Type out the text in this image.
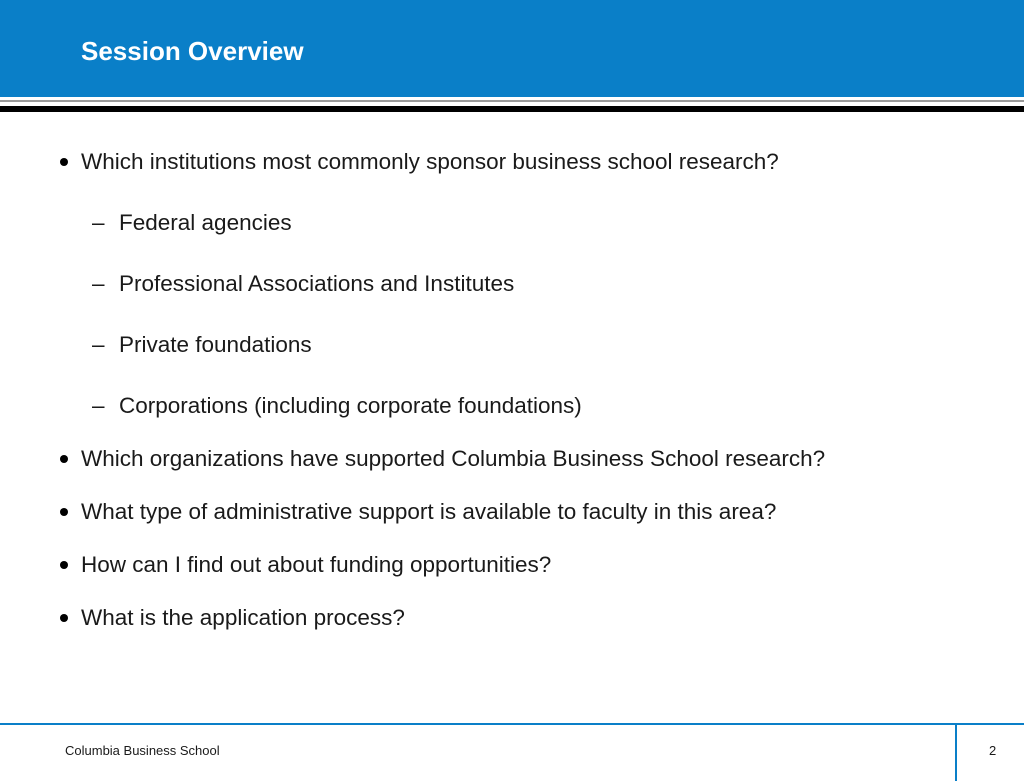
Session Overview
Which institutions most commonly sponsor business school research?
– Federal agencies
– Professional Associations and Institutes
– Private foundations
– Corporations (including corporate foundations)
Which organizations have supported Columbia Business School research?
What type of administrative support is available to faculty in this area?
How can I find out about funding opportunities?
What is the application process?
Columbia Business School	2
